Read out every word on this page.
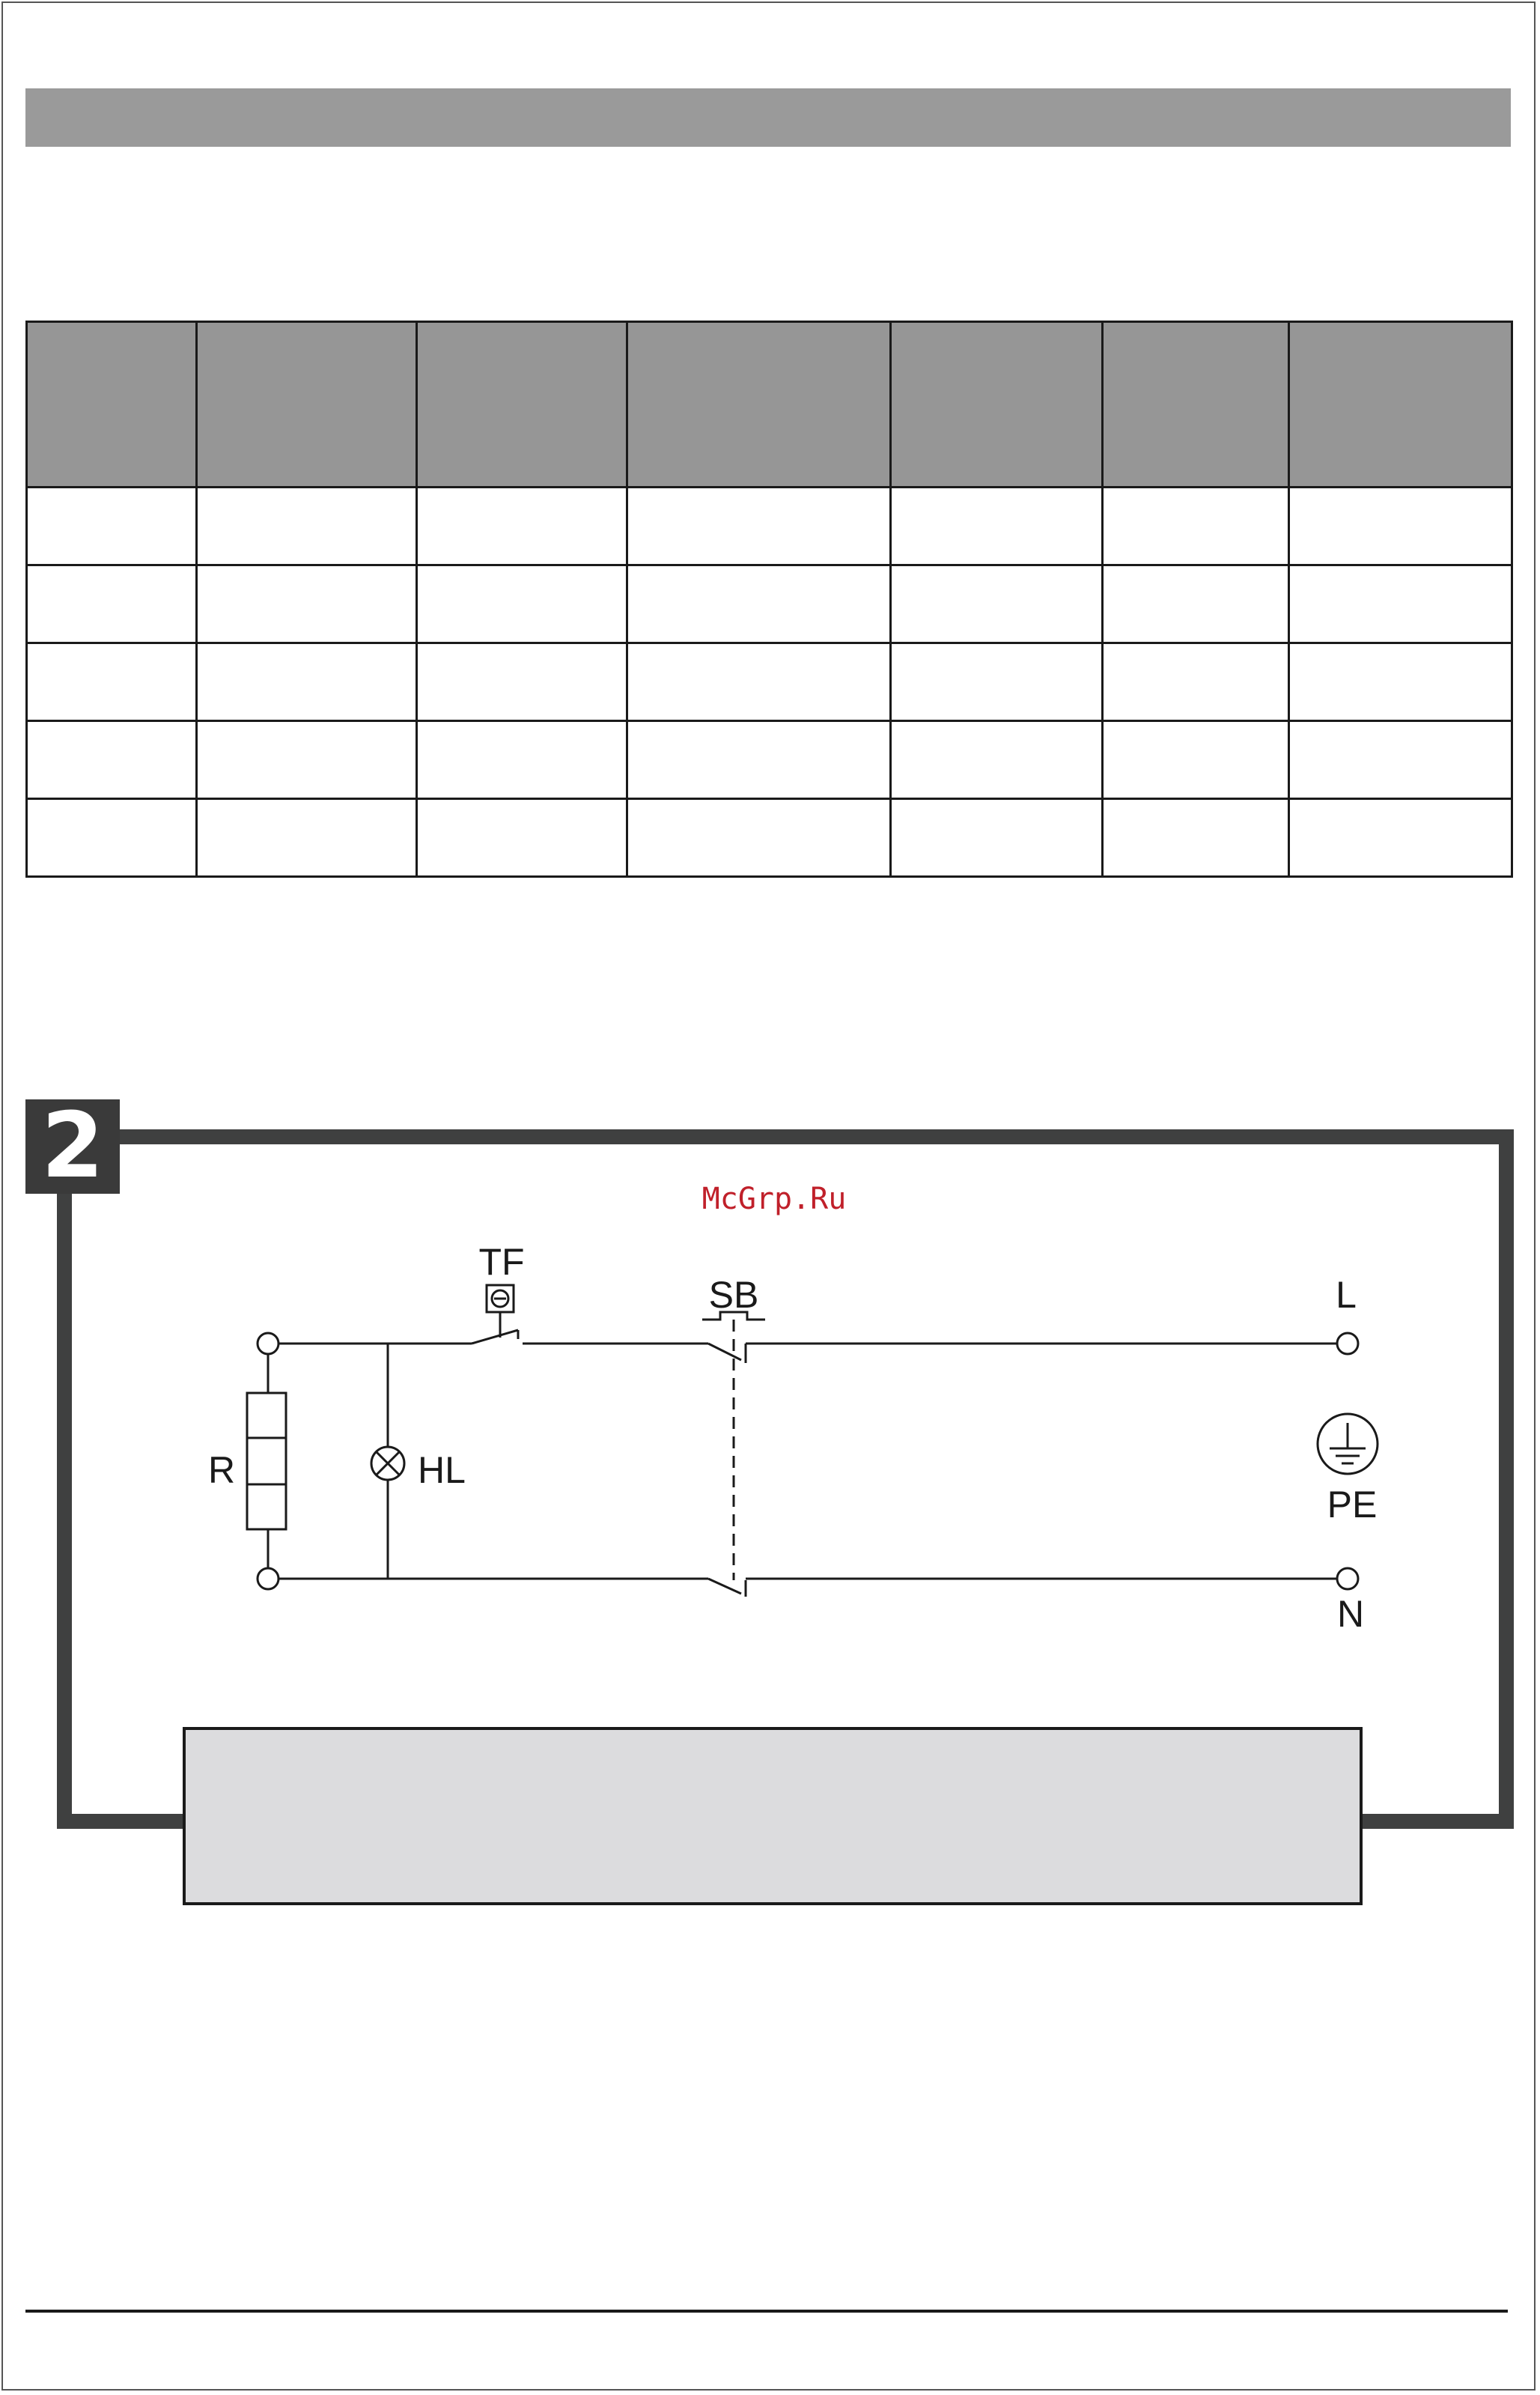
McGrp.Ru
TF
SB	L
PE
N
R	HL
2
